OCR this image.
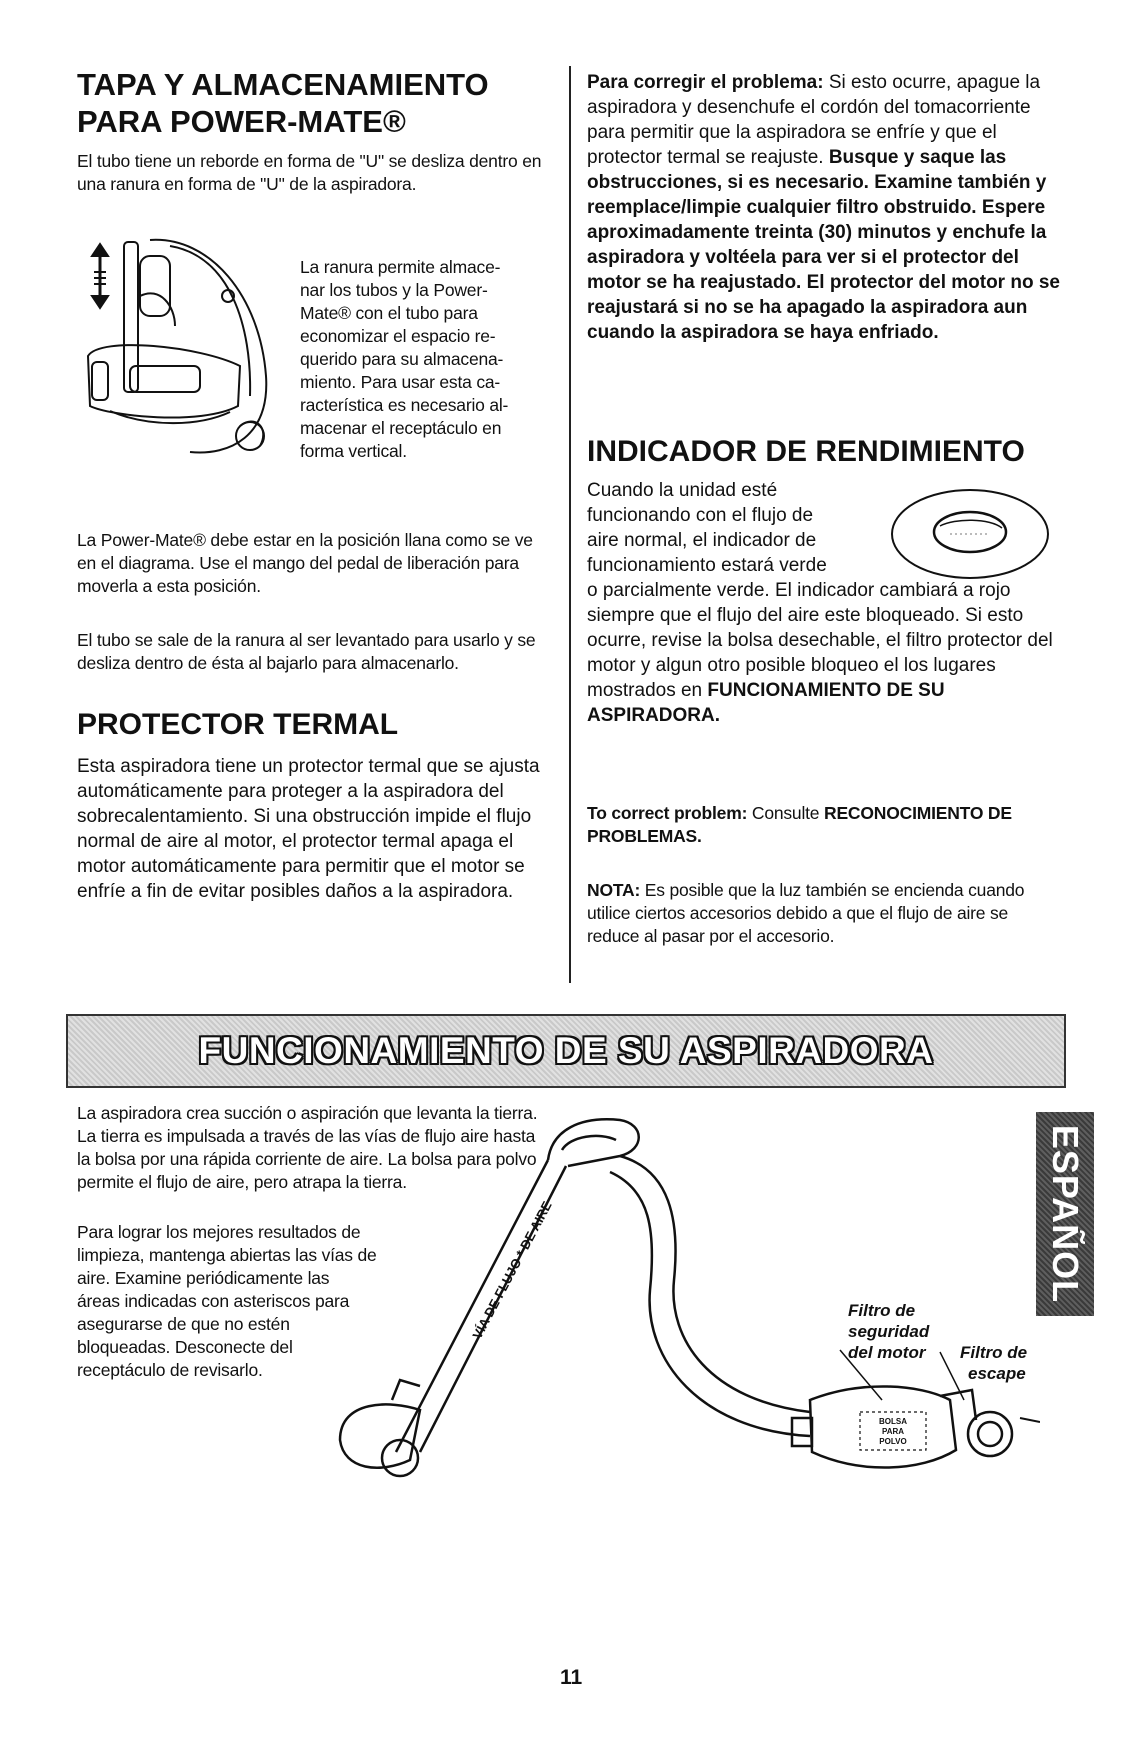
TAPA Y ALMACENAMIENTO
PARA POWER-MATE®

El tubo tiene un reborde en forma de "U" se desliza dentro en una ranura en forma de "U" de la aspiradora.

La ranura permite almace-

nar los tubos y la Power-

Mate® con el tubo para

economizar el espacio re-

querido para su almacena-

miento. Para usar esta ca-

racterística es necesario al-

macenar el receptáculo en

forma vertical.

La Power-Mate® debe estar en la posición llana como se ve en el diagrama. Use el mango del pedal de liberación para moverla a esta posición.

El tubo se sale de la ranura al ser levantado para usarlo y se desliza dentro de ésta al bajarlo para almacenarlo.

PROTECTOR TERMAL

Esta aspiradora tiene un protector termal que se ajusta automáticamente para proteger a la aspiradora del sobrecalentamiento. Si una obstrucción impide el flujo normal de aire al motor, el protector termal apaga el motor automáticamente para permitir que el motor se enfríe a fin de evitar posibles daños a la aspiradora.

Para corregir el problema: Si esto ocurre, apague la aspiradora y desenchufe el cordón del tomacorriente para permitir que la aspiradora se enfríe y que el protector termal se reajuste. Busque y saque las obstrucciones, si es necesario. Examine también y reemplace/limpie cualquier filtro obstruido. Espere aproximadamente treinta (30) minutos y enchufe la aspiradora y voltéela para ver si el protector del motor se ha reajustado. El protector del motor no se reajustará si no se ha apagado la aspiradora aun cuando la aspiradora se haya enfriado.

INDICADOR DE RENDIMIENTO

Cuando la unidad esté

funcionando con el flujo de

aire normal, el indicador de

funcionamiento estará verde

o parcialmente verde. El indicador cambiará a rojo siempre que el flujo del aire este bloqueado. Si esto ocurre, revise la bolsa desechable, el filtro protector del motor y algun otro posible bloqueo el los lugares mostrados en FUNCIONAMIENTO DE SU ASPIRADORA.

To correct problem: Consulte RECONOCIMIENTO DE PROBLEMAS.

NOTA: Es posible que la luz también se encienda cuando utilice ciertos accesorios debido a que el flujo de aire se reduce al pasar por el accesorio.

FUNCIONAMIENTO DE SU ASPIRADORA

La aspiradora crea succión o aspiración que levanta la tierra. La tierra es impulsada a través de las vías de flujo aire hasta la bolsa por una rápida corriente de aire. La bolsa para polvo permite el flujo de aire, pero atrapa la tierra.

Para lograr los mejores resultados de

limpieza, mantenga abiertas las vías de

aire. Examine periódicamente las

áreas indicadas con asteriscos para

asegurarse de que no estén

bloqueadas. Desconecte del

receptáculo de revisarlo.

BOLSA
PARA
POLVO
VÍA DE FLUJO * DE AIRE	Filtro de

seguridad

del motor Filtro de

escape

ESPAÑOL
11
